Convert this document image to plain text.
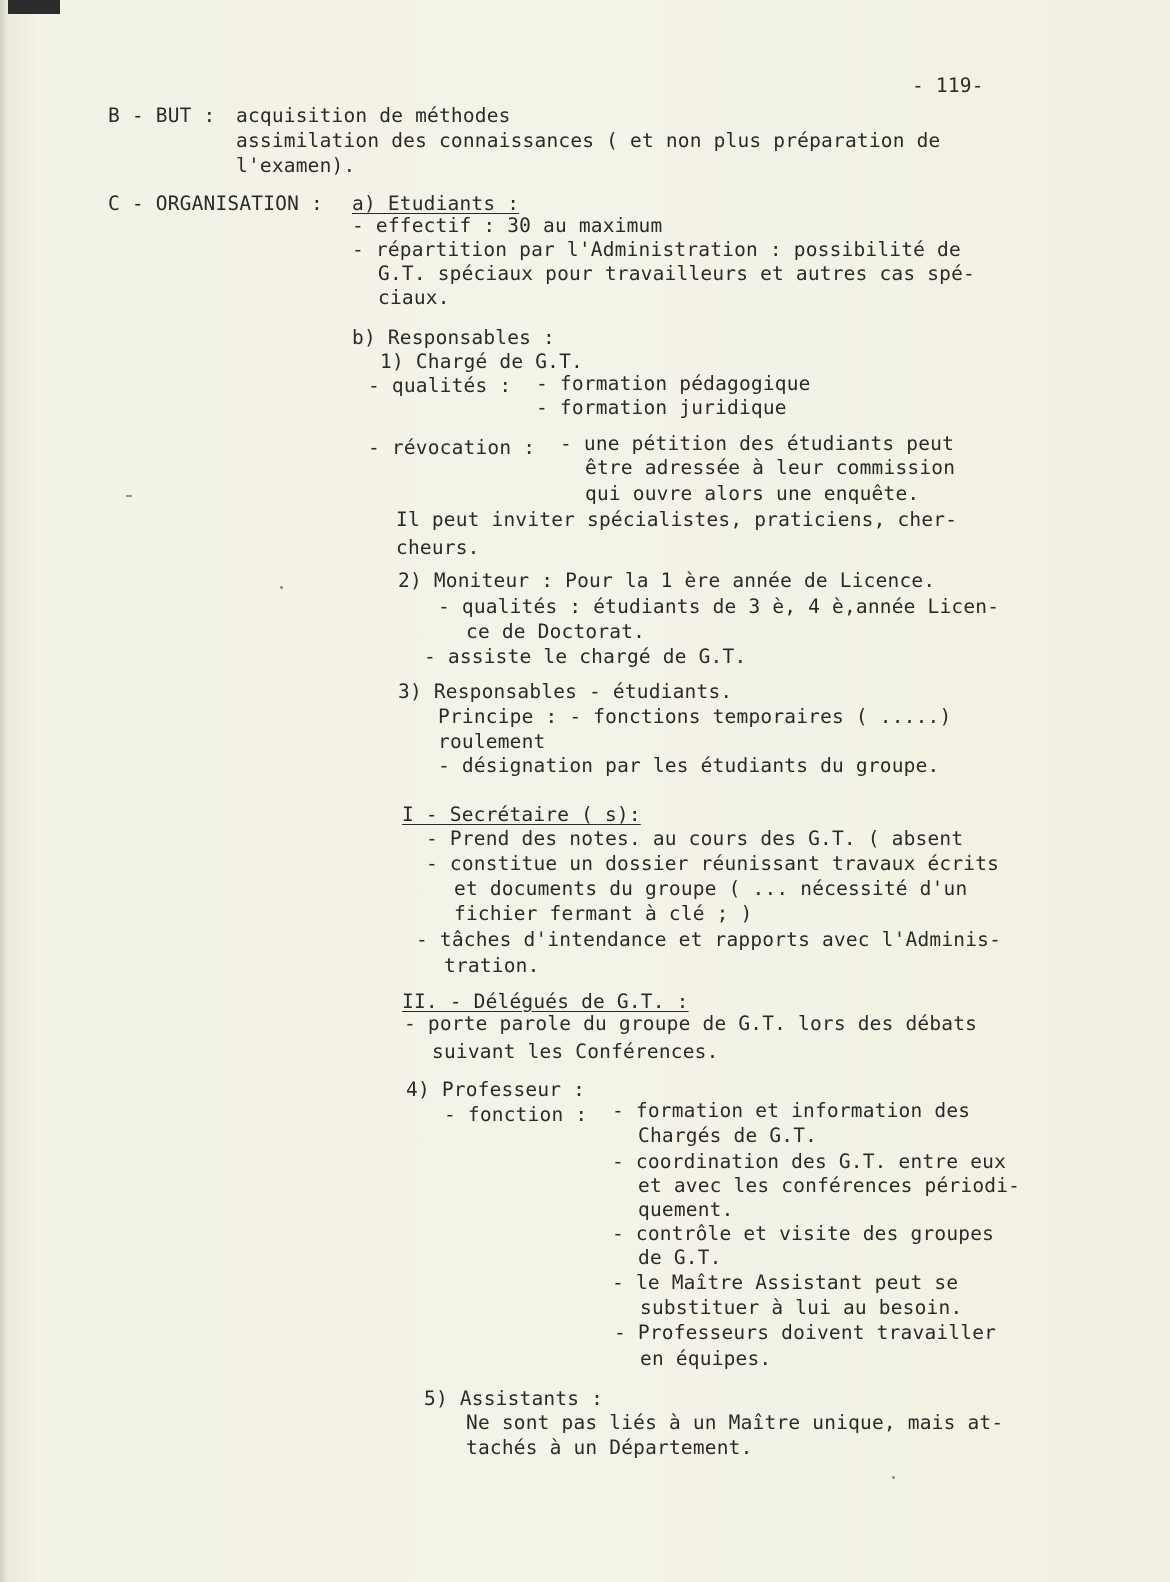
- 119-
B - BUT : acquisition de méthodes
assimilation des connaissances ( et non plus préparation de
l'examen).
C - ORGANISATION : a) Etudiants :
- effectif : 30 au maximum
- répartition par l'Administration : possibilité de
G.T. spéciaux pour travailleurs et autres cas spé-
ciaux.
b) Responsables :
1) Chargé de G.T.
- qualités : - formation pédagogique
- formation juridique
- révocation : - une pétition des étudiants peut
être adressée à leur commission
qui ouvre alors une enquête.
Il peut inviter spécialistes, praticiens, cher-
cheurs.
2) Moniteur : Pour la 1 ère année de Licence.
- qualités : étudiants de 3 è, 4 è,année Licen-
ce de Doctorat.
- assiste le chargé de G.T.
3) Responsables - étudiants.
Principe : - fonctions temporaires ( .....)
roulement
- désignation par les étudiants du groupe.
I - Secrétaire ( s):
- Prend des notes. au cours des G.T. ( absent
- constitue un dossier réunissant travaux écrits
et documents du groupe ( ... nécessité d'un
fichier fermant à clé ; )
- tâches d'intendance et rapports avec l'Adminis-
tration.
II. - Délégués de G.T. :
- porte parole du groupe de G.T. lors des débats
suivant les Conférences.
4) Professeur :
- fonction : - formation et information des
Chargés de G.T.
- coordination des G.T. entre eux
et avec les conférences périodi-
quement.
- contrôle et visite des groupes
de G.T.
- le Maître Assistant peut se
substituer à lui au besoin.
- Professeurs doivent travailler
en équipes.
5) Assistants :
Ne sont pas liés à un Maître unique, mais at-
tachés à un Département.
